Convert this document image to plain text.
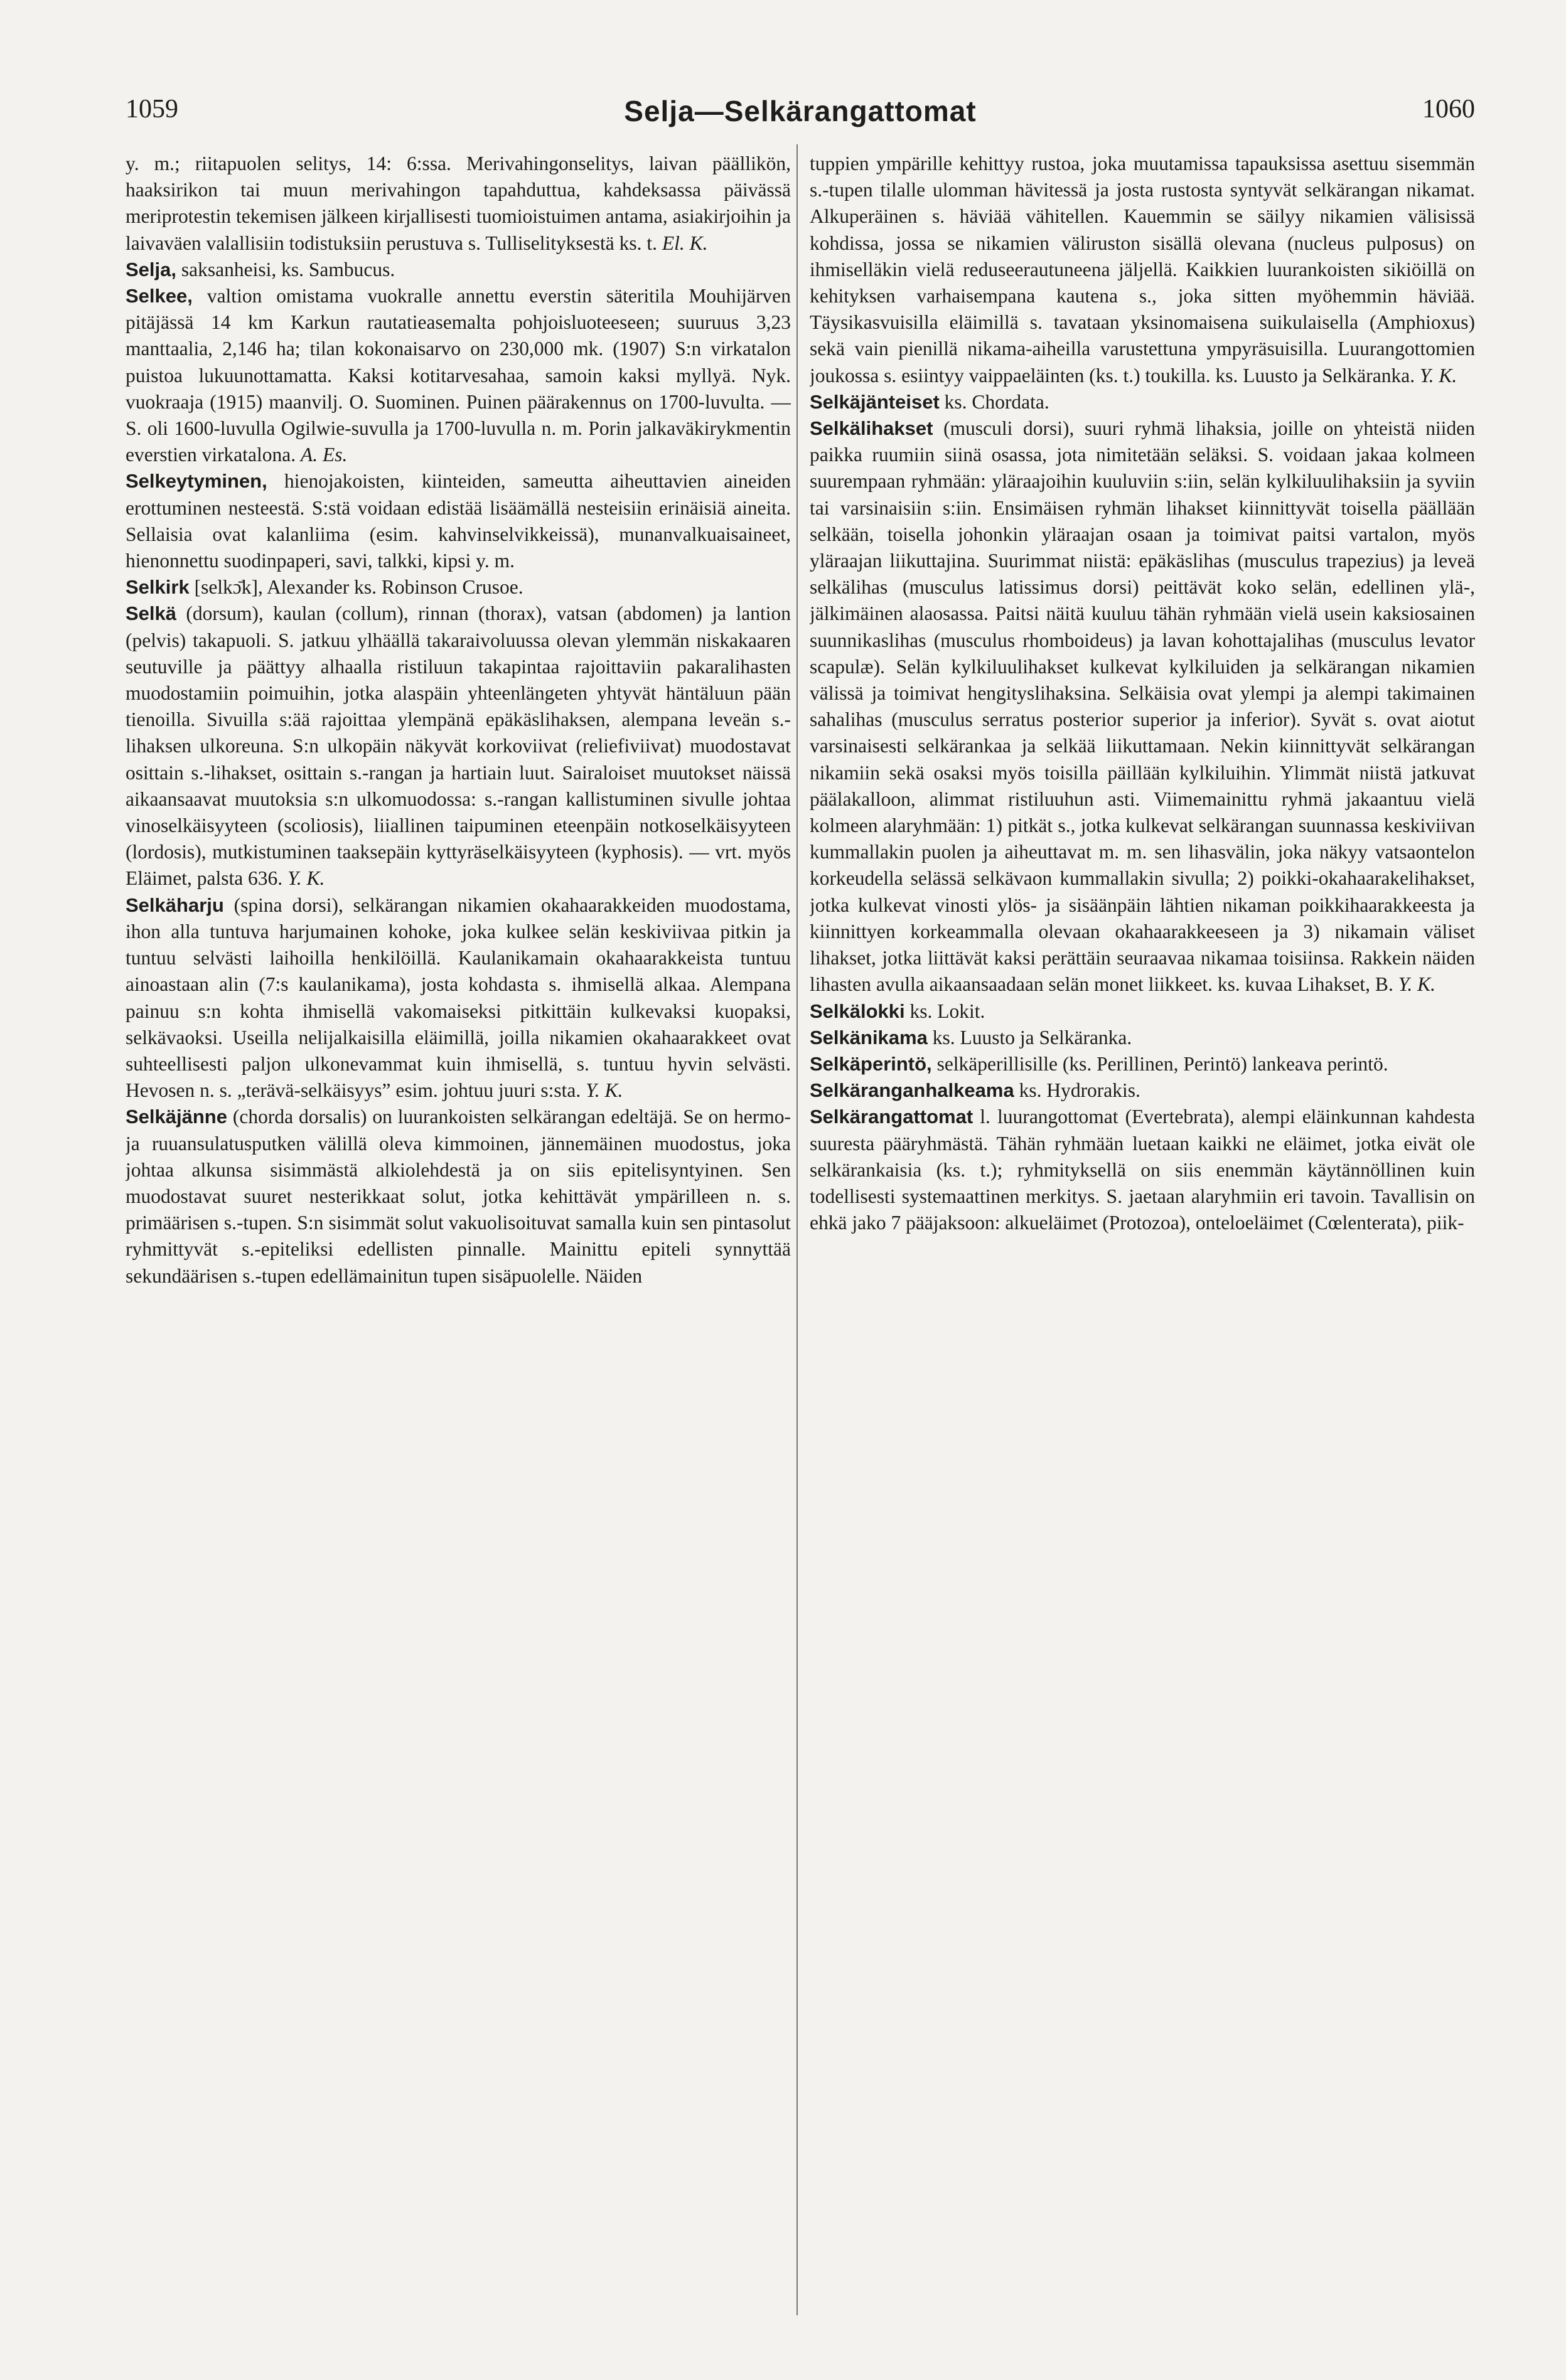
1059	Selja—Selkärangattomat	1060

y. m.; riitapuolen selitys, 14: 6:ssa. Merivahingonselitys, laivan päällikön, haaksirikon tai muun merivahingon tapahduttua, kahdeksassa päivässä meriprotestin tekemisen jälkeen kirjallisesti tuomioistuimen antama, asiakirjoihin ja laivaväen valallisiin todistuksiin perustuva s. Tulliselityksestä ks. t. El. K.

Selja, saksanheisi, ks. Sambucus.

Selkee, valtion omistama vuokralle annettu everstin säteritila Mouhijärven pitäjässä 14 km Karkun rautatieasemalta pohjoisluoteeseen; suuruus 3,23 manttaalia, 2,146 ha; tilan kokonaisarvo on 230,000 mk. (1907) S:n virkatalon puistoa lukuunottamatta. Kaksi kotitarvesahaa, samoin kaksi myllyä. Nyk. vuokraaja (1915) maanvilj. O. Suominen. Puinen päärakennus on 1700-luvulta. — S. oli 1600-luvulla Ogilwie-suvulla ja 1700-luvulla n. m. Porin jalkaväkirykmentin everstien virkatalona. A. Es.

Selkeytyminen, hienojakoisten, kiinteiden, sameutta aiheuttavien aineiden erottuminen nesteestä. S:stä voidaan edistää lisäämällä nesteisiin erinäisiä aineita. Sellaisia ovat kalanliima (esim. kahvinselvikkeissä), munanvalkuaisaineet, hienonnettu suodinpaperi, savi, talkki, kipsi y. m.

Selkirk [selkɔ̄k], Alexander ks. Robinson Crusoe.

Selkä (dorsum), kaulan (collum), rinnan (thorax), vatsan (abdomen) ja lantion (pelvis) takapuoli. S. jatkuu ylhäällä takaraivoluussa olevan ylemmän niskakaaren seutuville ja päättyy alhaalla ristiluun takapintaa rajoittaviin pakaralihasten muodostamiin poimuihin, jotka alaspäin yhteenlängeten yhtyvät häntäluun pään tienoilla. Sivuilla s:ää rajoittaa ylempänä epäkäslihaksen, alempana leveän s.-lihaksen ulkoreuna. S:n ulkopäin näkyvät korkoviivat (reliefiviivat) muodostavat osittain s.-lihakset, osittain s.-rangan ja hartiain luut. Sairaloiset muutokset näissä aikaansaavat muutoksia s:n ulkomuodossa: s.-rangan kallistuminen sivulle johtaa vinoselkäisyyteen (scoliosis), liiallinen taipuminen eteenpäin notkoselkäisyyteen (lordosis), mutkistuminen taaksepäin kyttyräselkäisyyteen (kyphosis). — vrt. myös Eläimet, palsta 636. Y. K.

Selkäharju (spina dorsi), selkärangan nikamien okahaarakkeiden muodostama, ihon alla tuntuva harjumainen kohoke, joka kulkee selän keskiviivaa pitkin ja tuntuu selvästi laihoilla henkilöillä. Kaulanikamain okahaarakkeista tuntuu ainoastaan alin (7:s kaulanikama), josta kohdasta s. ihmisellä alkaa. Alempana painuu s:n kohta ihmisellä vakomaiseksi pitkittäin kulkevaksi kuopaksi, selkävaoksi. Useilla nelijalkaisilla eläimillä, joilla nikamien okahaarakkeet ovat suhteellisesti paljon ulkonevammat kuin ihmisellä, s. tuntuu hyvin selvästi. Hevosen n. s. „terävä-selkäisyys” esim. johtuu juuri s:sta. Y. K.

Selkäjänne (chorda dorsalis) on luurankoisten selkärangan edeltäjä. Se on hermo- ja ruuansulatusputken välillä oleva kimmoinen, jännemäinen muodostus, joka johtaa alkunsa sisimmästä alkiolehdestä ja on siis epitelisyntyinen. Sen muodostavat suuret nesterikkaat solut, jotka kehittävät ympärilleen n. s. primäärisen s.-tupen. S:n sisimmät solut vakuolisoituvat samalla kuin sen pintasolut ryhmittyvät s.-epiteliksi edellisten pinnalle. Mainittu epiteli synnyttää sekundäärisen s.-tupen edellämainitun tupen sisäpuolelle. Näiden

tuppien ympärille kehittyy rustoa, joka muutamissa tapauksissa asettuu sisemmän s.-tupen tilalle ulomman hävitessä ja josta rustosta syntyvät selkärangan nikamat. Alkuperäinen s. häviää vähitellen. Kauemmin se säilyy nikamien välisissä kohdissa, jossa se nikamien väliruston sisällä olevana (nucleus pulposus) on ihmiselläkin vielä reduseerautuneena jäljellä. Kaikkien luurankoisten sikiöillä on kehityksen varhaisempana kautena s., joka sitten myöhemmin häviää. Täysikasvuisilla eläimillä s. tavataan yksinomaisena suikulaisella (Amphioxus) sekä vain pienillä nikama-aiheilla varustettuna ympyräsuisilla. Luurangottomien joukossa s. esiintyy vaippaeläinten (ks. t.) toukilla. ks. Luusto ja Selkäranka. Y. K.

Selkäjänteiset ks. Chordata.

Selkälihakset (musculi dorsi), suuri ryhmä lihaksia, joille on yhteistä niiden paikka ruumiin siinä osassa, jota nimitetään seläksi. S. voidaan jakaa kolmeen suurempaan ryhmään: yläraajoihin kuuluviin s:iin, selän kylkiluulihaksiin ja syviin tai varsinaisiin s:iin. Ensimäisen ryhmän lihakset kiinnittyvät toisella päällään selkään, toisella johonkin yläraajan osaan ja toimivat paitsi vartalon, myös yläraajan liikuttajina. Suurimmat niistä: epäkäslihas (musculus trapezius) ja leveä selkälihas (musculus latissimus dorsi) peittävät koko selän, edellinen ylä-, jälkimäinen alaosassa. Paitsi näitä kuuluu tähän ryhmään vielä usein kaksiosainen suunnikaslihas (musculus rhomboideus) ja lavan kohottajalihas (musculus levator scapulæ). Selän kylkiluulihakset kulkevat kylkiluiden ja selkärangan nikamien välissä ja toimivat hengityslihaksina. Selkäisia ovat ylempi ja alempi takimainen sahalihas (musculus serratus posterior superior ja inferior). Syvät s. ovat aiotut varsinaisesti selkärankaa ja selkää liikuttamaan. Nekin kiinnittyvät selkärangan nikamiin sekä osaksi myös toisilla päillään kylkiluihin. Ylimmät niistä jatkuvat päälakalloon, alimmat ristiluuhun asti. Viimemainittu ryhmä jakaantuu vielä kolmeen alaryhmään: 1) pitkät s., jotka kulkevat selkärangan suunnassa keskiviivan kummallakin puolen ja aiheuttavat m. m. sen lihasvälin, joka näkyy vatsaontelon korkeudella selässä selkävaon kummallakin sivulla; 2) poikki-okahaarakelihakset, jotka kulkevat vinosti ylös- ja sisäänpäin lähtien nikaman poikkihaarakkeesta ja kiinnittyen korkeammalla olevaan okahaarakkeeseen ja 3) nikamain väliset lihakset, jotka liittävät kaksi perättäin seuraavaa nikamaa toisiinsa. Rakkein näiden lihasten avulla aikaansaadaan selän monet liikkeet. ks. kuvaa Lihakset, B. Y. K.

Selkälokki ks. Lokit.

Selkänikama ks. Luusto ja Selkäranka.

Selkäperintö, selkäperillisille (ks. Perillinen, Perintö) lankeava perintö.

Selkäranganhalkeama ks. Hydrorakis.

Selkärangattomat l. luurangottomat (Evertebrata), alempi eläinkunnan kahdesta suuresta pääryhmästä. Tähän ryhmään luetaan kaikki ne eläimet, jotka eivät ole selkärankaisia (ks. t.); ryhmityksellä on siis enemmän käytännöllinen kuin todellisesti systemaattinen merkitys. S. jaetaan alaryhmiin eri tavoin. Tavallisin on ehkä jako 7 pääjaksoon: alkueläimet (Protozoa), onteloeläimet (Cœlenterata), piik-
